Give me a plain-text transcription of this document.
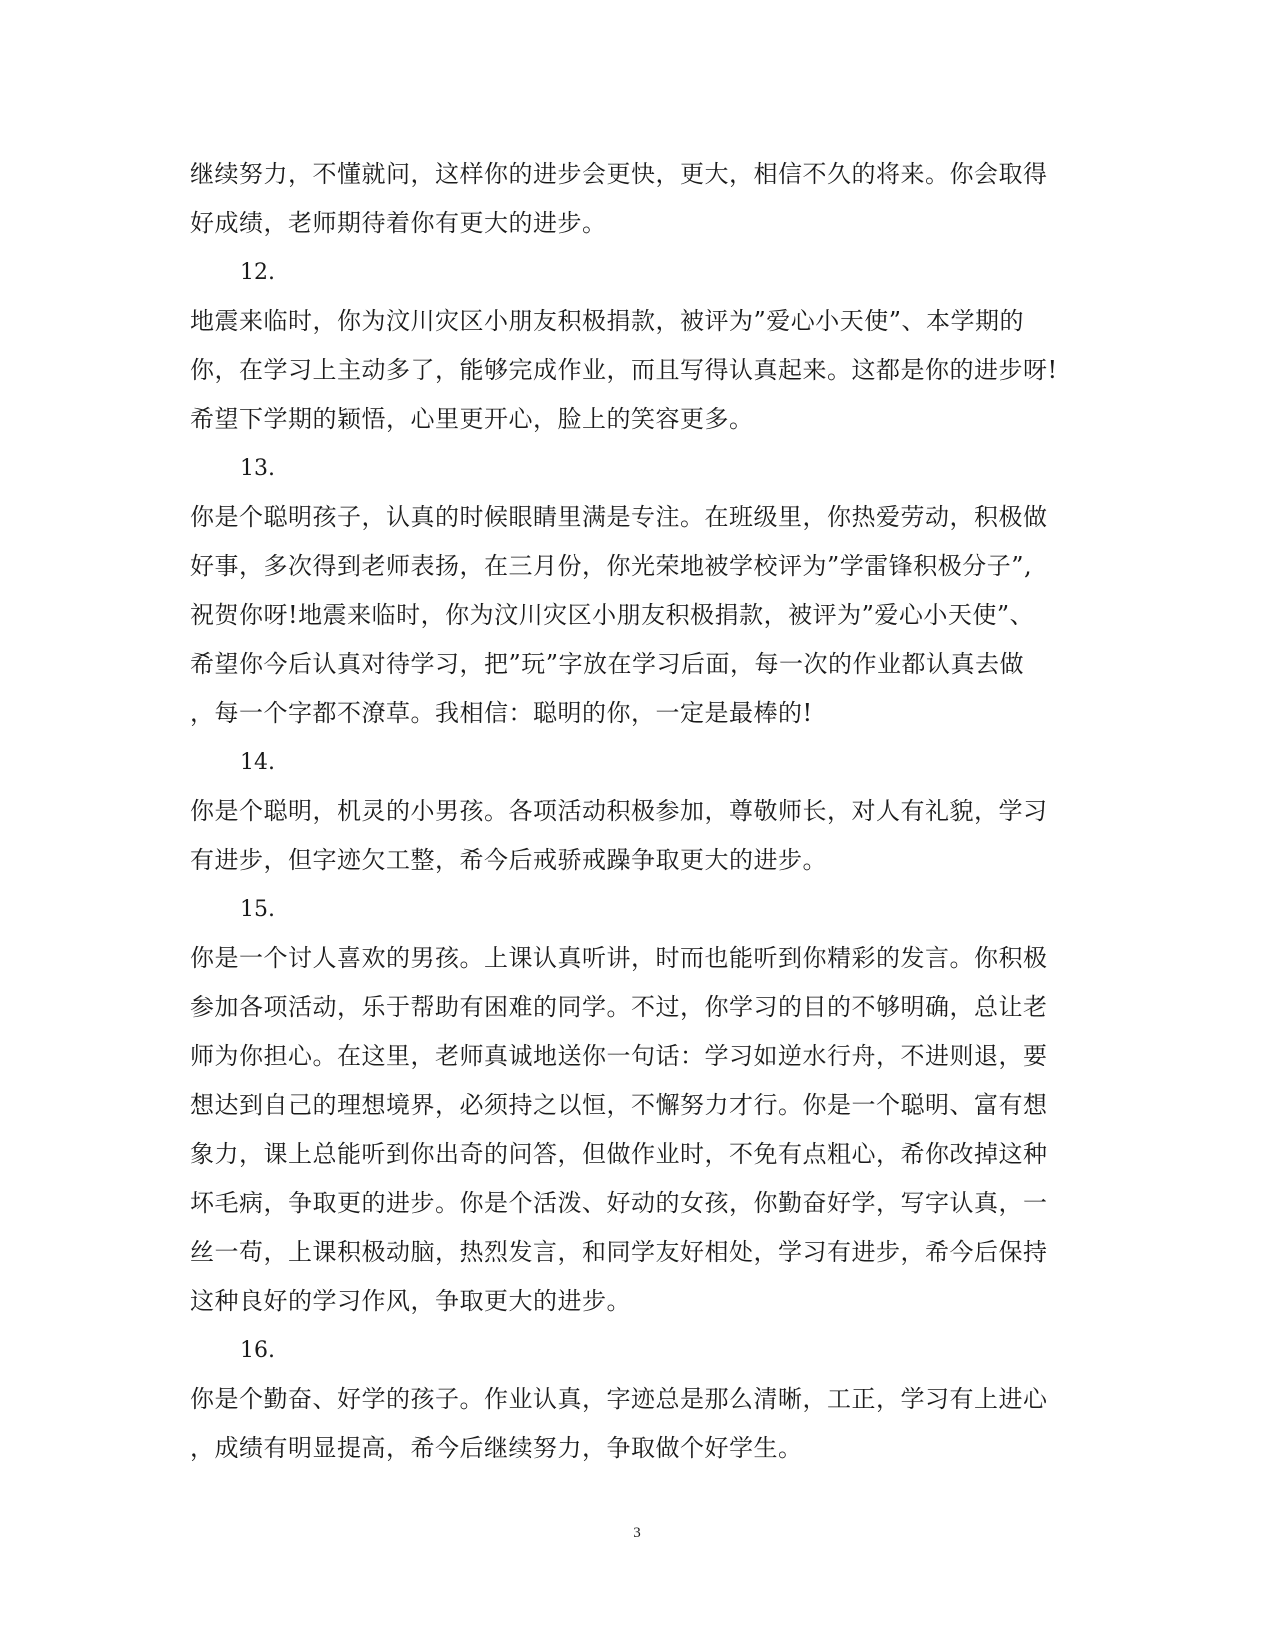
继续努力，不懂就问，这样你的进步会更快，更大，相信不久的将来。你会取得
好成绩，老师期待着你有更大的进步。
12.
地震来临时，你为汶川灾区小朋友积极捐款，被评为”爱心小天使”、本学期的
你，在学习上主动多了，能够完成作业，而且写得认真起来。这都是你的进步呀!
希望下学期的颖悟，心里更开心，脸上的笑容更多。
13.
你是个聪明孩子，认真的时候眼睛里满是专注。在班级里，你热爱劳动，积极做
好事，多次得到老师表扬，在三月份，你光荣地被学校评为”学雷锋积极分子”,
祝贺你呀!地震来临时，你为汶川灾区小朋友积极捐款，被评为”爱心小天使”、
希望你今后认真对待学习，把”玩”字放在学习后面，每一次的作业都认真去做
，每一个字都不潦草。我相信：聪明的你，一定是最棒的!
14.
你是个聪明，机灵的小男孩。各项活动积极参加，尊敬师长，对人有礼貌，学习
有进步，但字迹欠工整，希今后戒骄戒躁争取更大的进步。
15.
你是一个讨人喜欢的男孩。上课认真听讲，时而也能听到你精彩的发言。你积极
参加各项活动，乐于帮助有困难的同学。不过，你学习的目的不够明确，总让老
师为你担心。在这里，老师真诚地送你一句话：学习如逆水行舟，不进则退，要
想达到自己的理想境界，必须持之以恒，不懈努力才行。你是一个聪明、富有想
象力，课上总能听到你出奇的问答，但做作业时，不免有点粗心，希你改掉这种
坏毛病，争取更的进步。你是个活泼、好动的女孩，你勤奋好学，写字认真，一
丝一苟，上课积极动脑，热烈发言，和同学友好相处，学习有进步，希今后保持
这种良好的学习作风，争取更大的进步。
16.
你是个勤奋、好学的孩子。作业认真，字迹总是那么清晰，工正，学习有上进心
，成绩有明显提高，希今后继续努力，争取做个好学生。
3
